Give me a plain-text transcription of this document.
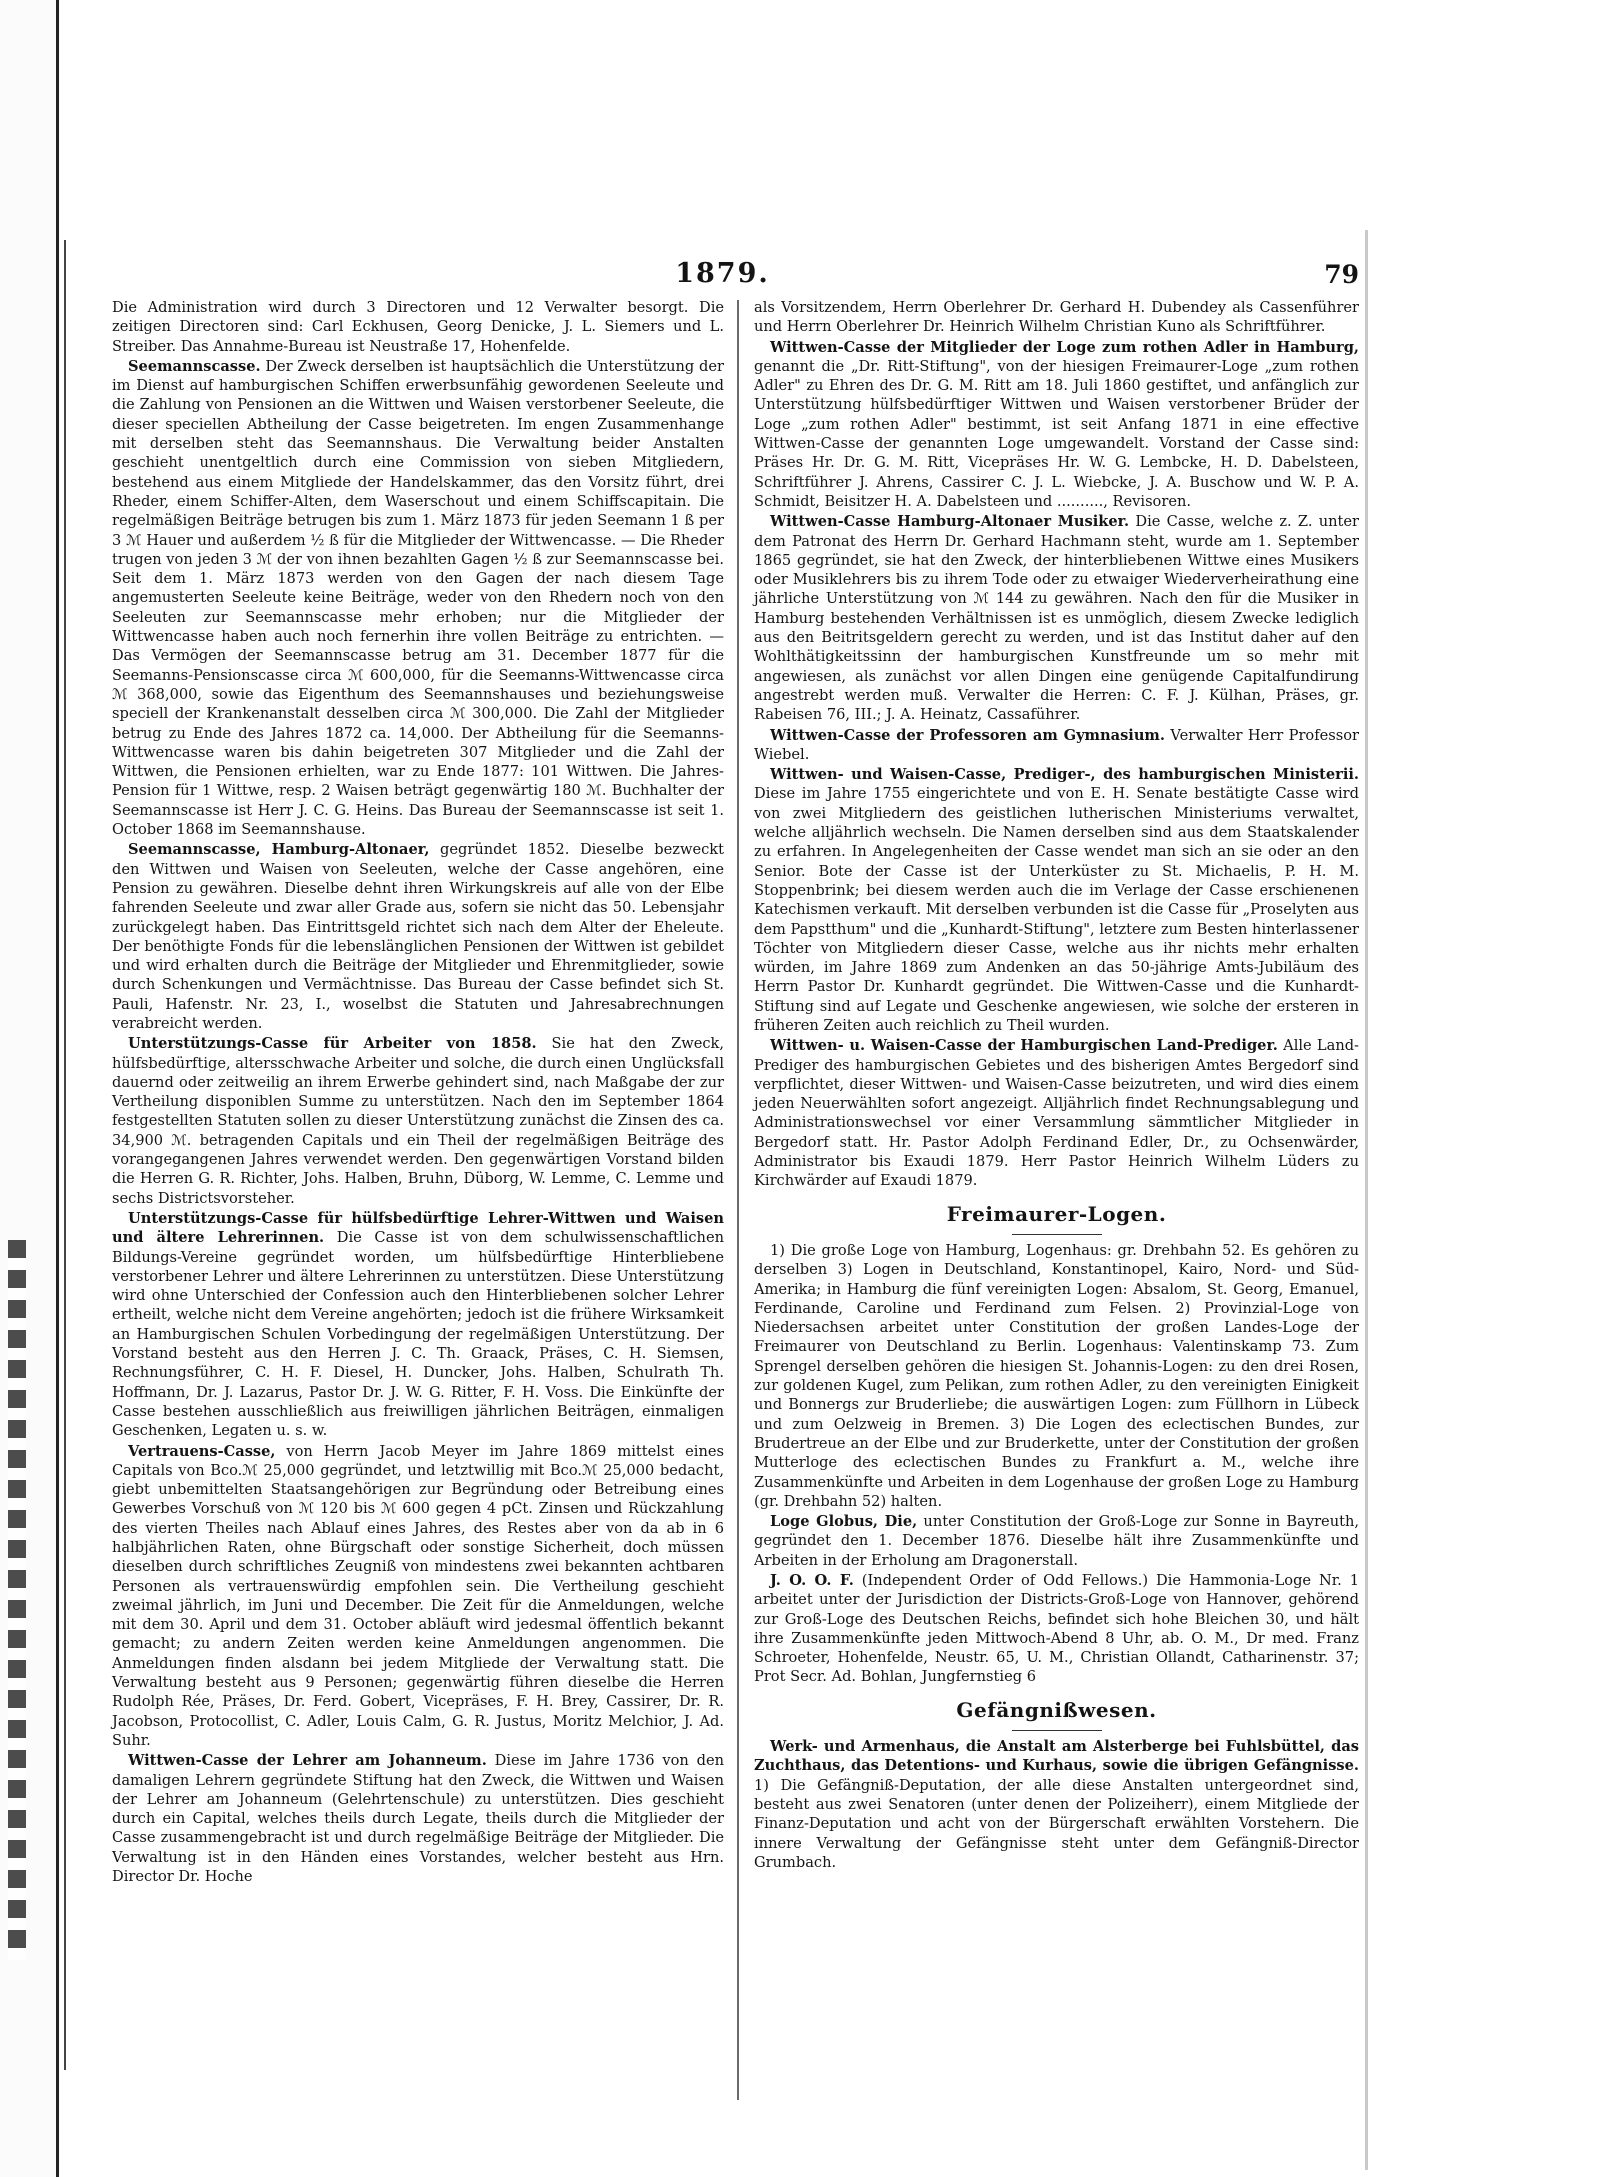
1879.	79

Die Administration wird durch 3 Directoren und 12 Verwalter besorgt. Die zeitigen Directoren sind: Carl Eckhusen, Georg Denicke, J. L. Siemers und L. Streiber. Das Annahme-Bureau ist Neustraße 17, Hohenfelde.

Seemannscasse. Der Zweck derselben ist hauptsächlich die Unterstützung der im Dienst auf hamburgischen Schiffen erwerbsunfähig gewordenen Seeleute und die Zahlung von Pensionen an die Wittwen und Waisen verstorbener Seeleute, die dieser speciellen Abtheilung der Casse beigetreten. Im engen Zusammenhange mit derselben steht das Seemannshaus. Die Verwaltung beider Anstalten geschieht unentgeltlich durch eine Commission von sieben Mitgliedern, bestehend aus einem Mitgliede der Handelskammer, das den Vorsitz führt, drei Rheder, einem Schiffer-Alten, dem Waserschout und einem Schiffscapitain. Die regelmäßigen Beiträge betrugen bis zum 1. März 1873 für jeden Seemann 1 ß per 3 ℳ Hauer und außerdem ½ ß für die Mitglieder der Wittwencasse. — Die Rheder trugen von jeden 3 ℳ der von ihnen bezahlten Gagen ½ ß zur Seemannscasse bei. Seit dem 1. März 1873 werden von den Gagen der nach diesem Tage angemusterten Seeleute keine Beiträge, weder von den Rhedern noch von den Seeleuten zur Seemannscasse mehr erhoben; nur die Mitglieder der Wittwencasse haben auch noch fernerhin ihre vollen Beiträge zu entrichten. — Das Vermögen der Seemannscasse betrug am 31. December 1877 für die Seemanns-Pensionscasse circa ℳ 600,000, für die Seemanns-Wittwencasse circa ℳ 368,000, sowie das Eigenthum des Seemannshauses und beziehungsweise speciell der Krankenanstalt desselben circa ℳ 300,000. Die Zahl der Mitglieder betrug zu Ende des Jahres 1872 ca. 14,000. Der Abtheilung für die Seemanns-Wittwencasse waren bis dahin beigetreten 307 Mitglieder und die Zahl der Wittwen, die Pensionen erhielten, war zu Ende 1877: 101 Wittwen. Die Jahres-Pension für 1 Wittwe, resp. 2 Waisen beträgt gegenwärtig 180 ℳ. Buchhalter der Seemannscasse ist Herr J. C. G. Heins. Das Bureau der Seemannscasse ist seit 1. October 1868 im Seemannshause.

Seemannscasse, Hamburg-Altonaer, gegründet 1852. Dieselbe bezweckt den Wittwen und Waisen von Seeleuten, welche der Casse angehören, eine Pension zu gewähren. Dieselbe dehnt ihren Wirkungskreis auf alle von der Elbe fahrenden Seeleute und zwar aller Grade aus, sofern sie nicht das 50. Lebensjahr zurückgelegt haben. Das Eintrittsgeld richtet sich nach dem Alter der Eheleute. Der benöthigte Fonds für die lebenslänglichen Pensionen der Wittwen ist gebildet und wird erhalten durch die Beiträge der Mitglieder und Ehrenmitglieder, sowie durch Schenkungen und Vermächtnisse. Das Bureau der Casse befindet sich St. Pauli, Hafenstr. Nr. 23, I., woselbst die Statuten und Jahresabrechnungen verabreicht werden.

Unterstützungs-Casse für Arbeiter von 1858. Sie hat den Zweck, hülfsbedürftige, altersschwache Arbeiter und solche, die durch einen Unglücksfall dauernd oder zeitweilig an ihrem Erwerbe gehindert sind, nach Maßgabe der zur Vertheilung disponiblen Summe zu unterstützen. Nach den im September 1864 festgestellten Statuten sollen zu dieser Unterstützung zunächst die Zinsen des ca. 34,900 ℳ. betragenden Capitals und ein Theil der regelmäßigen Beiträge des vorangegangenen Jahres verwendet werden. Den gegenwärtigen Vorstand bilden die Herren G. R. Richter, Johs. Halben, Bruhn, Düborg, W. Lemme, C. Lemme und sechs Districtsvorsteher.

Unterstützungs-Casse für hülfsbedürftige Lehrer-Wittwen und Waisen und ältere Lehrerinnen. Die Casse ist von dem schulwissenschaftlichen Bildungs-Vereine gegründet worden, um hülfsbedürftige Hinterbliebene verstorbener Lehrer und ältere Lehrerinnen zu unterstützen. Diese Unterstützung wird ohne Unterschied der Confession auch den Hinterbliebenen solcher Lehrer ertheilt, welche nicht dem Vereine angehörten; jedoch ist die frühere Wirksamkeit an Hamburgischen Schulen Vorbedingung der regelmäßigen Unterstützung. Der Vorstand besteht aus den Herren J. C. Th. Graack, Präses, C. H. Siemsen, Rechnungsführer, C. H. F. Diesel, H. Duncker, Johs. Halben, Schulrath Th. Hoffmann, Dr. J. Lazarus, Pastor Dr. J. W. G. Ritter, F. H. Voss. Die Einkünfte der Casse bestehen ausschließlich aus freiwilligen jährlichen Beiträgen, einmaligen Geschenken, Legaten u. s. w.

Vertrauens-Casse, von Herrn Jacob Meyer im Jahre 1869 mittelst eines Capitals von Bco.ℳ 25,000 gegründet, und letztwillig mit Bco.ℳ 25,000 bedacht, giebt unbemittelten Staatsangehörigen zur Begründung oder Betreibung eines Gewerbes Vorschuß von ℳ 120 bis ℳ 600 gegen 4 pCt. Zinsen und Rückzahlung des vierten Theiles nach Ablauf eines Jahres, des Restes aber von da ab in 6 halbjährlichen Raten, ohne Bürgschaft oder sonstige Sicherheit, doch müssen dieselben durch schriftliches Zeugniß von mindestens zwei bekannten achtbaren Personen als vertrauenswürdig empfohlen sein. Die Vertheilung geschieht zweimal jährlich, im Juni und December. Die Zeit für die Anmeldungen, welche mit dem 30. April und dem 31. October abläuft wird jedesmal öffentlich bekannt gemacht; zu andern Zeiten werden keine Anmeldungen angenommen. Die Anmeldungen finden alsdann bei jedem Mitgliede der Verwaltung statt. Die Verwaltung besteht aus 9 Personen; gegenwärtig führen dieselbe die Herren Rudolph Rée, Präses, Dr. Ferd. Gobert, Vicepräses, F. H. Brey, Cassirer, Dr. R. Jacobson, Protocollist, C. Adler, Louis Calm, G. R. Justus, Moritz Melchior, J. Ad. Suhr.

Wittwen-Casse der Lehrer am Johanneum. Diese im Jahre 1736 von den damaligen Lehrern gegründete Stiftung hat den Zweck, die Wittwen und Waisen der Lehrer am Johanneum (Gelehrtenschule) zu unterstützen. Dies geschieht durch ein Capital, welches theils durch Legate, theils durch die Mitglieder der Casse zusammengebracht ist und durch regelmäßige Beiträge der Mitglieder. Die Verwaltung ist in den Händen eines Vorstandes, welcher besteht aus Hrn. Director Dr. Hoche

als Vorsitzendem, Herrn Oberlehrer Dr. Gerhard H. Dubendey als Cassenführer und Herrn Oberlehrer Dr. Heinrich Wilhelm Christian Kuno als Schriftführer.

Wittwen-Casse der Mitglieder der Loge zum rothen Adler in Hamburg, genannt die „Dr. Ritt-Stiftung", von der hiesigen Freimaurer-Loge „zum rothen Adler" zu Ehren des Dr. G. M. Ritt am 18. Juli 1860 gestiftet, und anfänglich zur Unterstützung hülfsbedürftiger Wittwen und Waisen verstorbener Brüder der Loge „zum rothen Adler" bestimmt, ist seit Anfang 1871 in eine effective Wittwen-Casse der genannten Loge umgewandelt. Vorstand der Casse sind: Präses Hr. Dr. G. M. Ritt, Vicepräses Hr. W. G. Lembcke, H. D. Dabelsteen, Schriftführer J. Ahrens, Cassirer C. J. L. Wiebcke, J. A. Buschow und W. P. A. Schmidt, Beisitzer H. A. Dabelsteen und .........., Revisoren.

Wittwen-Casse Hamburg-Altonaer Musiker. Die Casse, welche z. Z. unter dem Patronat des Herrn Dr. Gerhard Hachmann steht, wurde am 1. September 1865 gegründet, sie hat den Zweck, der hinterbliebenen Wittwe eines Musikers oder Musiklehrers bis zu ihrem Tode oder zu etwaiger Wiederverheirathung eine jährliche Unterstützung von ℳ 144 zu gewähren. Nach den für die Musiker in Hamburg bestehenden Verhältnissen ist es unmöglich, diesem Zwecke lediglich aus den Beitritsgeldern gerecht zu werden, und ist das Institut daher auf den Wohlthätigkeitssinn der hamburgischen Kunstfreunde um so mehr mit angewiesen, als zunächst vor allen Dingen eine genügende Capitalfundirung angestrebt werden muß. Verwalter die Herren: C. F. J. Külhan, Präses, gr. Rabeisen 76, III.; J. A. Heinatz, Cassaführer.

Wittwen-Casse der Professoren am Gymnasium. Verwalter Herr Professor Wiebel.

Wittwen- und Waisen-Casse, Prediger-, des hamburgischen Ministerii. Diese im Jahre 1755 eingerichtete und von E. H. Senate bestätigte Casse wird von zwei Mitgliedern des geistlichen lutherischen Ministeriums verwaltet, welche alljährlich wechseln. Die Namen derselben sind aus dem Staatskalender zu erfahren. In Angelegenheiten der Casse wendet man sich an sie oder an den Senior. Bote der Casse ist der Unterküster zu St. Michaelis, P. H. M. Stoppenbrink; bei diesem werden auch die im Verlage der Casse erschienenen Katechismen verkauft. Mit derselben verbunden ist die Casse für „Proselyten aus dem Papstthum" und die „Kunhardt-Stiftung", letztere zum Besten hinterlassener Töchter von Mitgliedern dieser Casse, welche aus ihr nichts mehr erhalten würden, im Jahre 1869 zum Andenken an das 50-jährige Amts-Jubiläum des Herrn Pastor Dr. Kunhardt gegründet. Die Wittwen-Casse und die Kunhardt-Stiftung sind auf Legate und Geschenke angewiesen, wie solche der ersteren in früheren Zeiten auch reichlich zu Theil wurden.

Wittwen- u. Waisen-Casse der Hamburgischen Land-Prediger. Alle Land-Prediger des hamburgischen Gebietes und des bisherigen Amtes Bergedorf sind verpflichtet, dieser Wittwen- und Waisen-Casse beizutreten, und wird dies einem jeden Neuerwählten sofort angezeigt. Alljährlich findet Rechnungsablegung und Administrationswechsel vor einer Versammlung sämmtlicher Mitglieder in Bergedorf statt. Hr. Pastor Adolph Ferdinand Edler, Dr., zu Ochsenwärder, Administrator bis Exaudi 1879. Herr Pastor Heinrich Wilhelm Lüders zu Kirchwärder auf Exaudi 1879.

Freimaurer-Logen.

1) Die große Loge von Hamburg, Logenhaus: gr. Drehbahn 52. Es gehören zu derselben 3) Logen in Deutschland, Konstantinopel, Kairo, Nord- und Süd-Amerika; in Hamburg die fünf vereinigten Logen: Absalom, St. Georg, Emanuel, Ferdinande, Caroline und Ferdinand zum Felsen. 2) Provinzial-Loge von Niedersachsen arbeitet unter Constitution der großen Landes-Loge der Freimaurer von Deutschland zu Berlin. Logenhaus: Valentinskamp 73. Zum Sprengel derselben gehören die hiesigen St. Johannis-Logen: zu den drei Rosen, zur goldenen Kugel, zum Pelikan, zum rothen Adler, zu den vereinigten Einigkeit und Bonnergs zur Bruderliebe; die auswärtigen Logen: zum Füllhorn in Lübeck und zum Oelzweig in Bremen. 3) Die Logen des eclectischen Bundes, zur Brudertreue an der Elbe und zur Bruderkette, unter der Constitution der großen Mutterloge des eclectischen Bundes zu Frankfurt a. M., welche ihre Zusammenkünfte und Arbeiten in dem Logenhause der großen Loge zu Hamburg (gr. Drehbahn 52) halten.

Loge Globus, Die, unter Constitution der Groß-Loge zur Sonne in Bayreuth, gegründet den 1. December 1876. Dieselbe hält ihre Zusammenkünfte und Arbeiten in der Erholung am Dragonerstall.

J. O. O. F. (Independent Order of Odd Fellows.) Die Hammonia-Loge Nr. 1 arbeitet unter der Jurisdiction der Districts-Groß-Loge von Hannover, gehörend zur Groß-Loge des Deutschen Reichs, befindet sich hohe Bleichen 30, und hält ihre Zusammenkünfte jeden Mittwoch-Abend 8 Uhr, ab. O. M., Dr med. Franz Schroeter, Hohenfelde, Neustr. 65, U. M., Christian Ollandt, Catharinenstr. 37; Prot Secr. Ad. Bohlan, Jungfernstieg 6

Gefängnißwesen.

Werk- und Armenhaus, die Anstalt am Alsterberge bei Fuhlsbüttel, das Zuchthaus, das Detentions- und Kurhaus, sowie die übrigen Gefängnisse. 1) Die Gefängniß-Deputation, der alle diese Anstalten untergeordnet sind, besteht aus zwei Senatoren (unter denen der Polizeiherr), einem Mitgliede der Finanz-Deputation und acht von der Bürgerschaft erwählten Vorstehern. Die innere Verwaltung der Gefängnisse steht unter dem Gefängniß-Director Grumbach.
